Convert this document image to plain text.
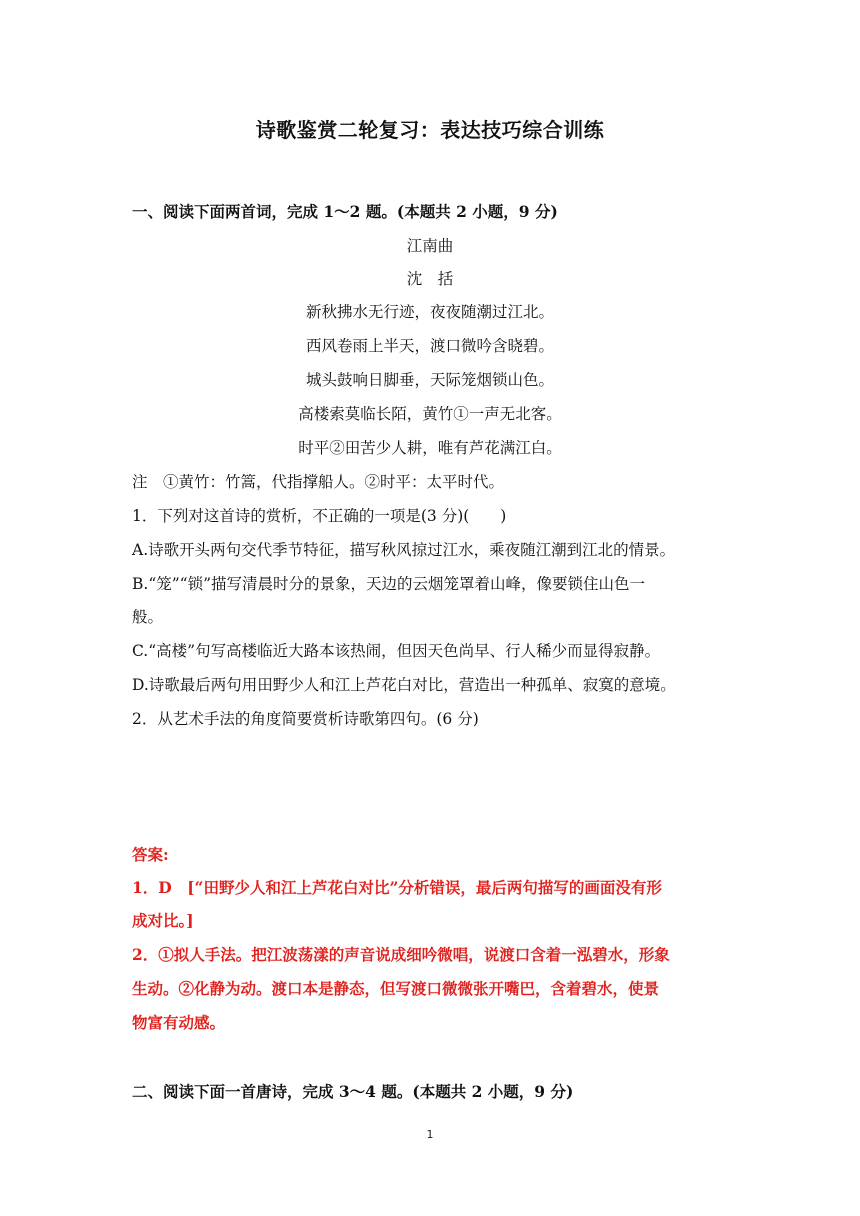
诗歌鉴赏二轮复习：表达技巧综合训练
一、阅读下面两首词，完成 1～2 题。(本题共 2 小题，9 分)
江南曲
沈　括
新秋拂水无行迹，夜夜随潮过江北。
西风卷雨上半天，渡口微吟含晓碧。
城头鼓响日脚垂，天际笼烟锁山色。
高楼索莫临长陌，黄竹①一声无北客。
时平②田苦少人耕，唯有芦花满江白。
注　①黄竹：竹篙，代指撑船人。②时平：太平时代。
1．下列对这首诗的赏析，不正确的一项是(3 分)(　　)
A.诗歌开头两句交代季节特征，描写秋风掠过江水，乘夜随江潮到江北的情景。
B.“笼”“锁”描写清晨时分的景象，天边的云烟笼罩着山峰，像要锁住山色一
般。
C.“高楼”句写高楼临近大路本该热闹，但因天色尚早、行人稀少而显得寂静。
D.诗歌最后两句用田野少人和江上芦花白对比，营造出一种孤单、寂寞的意境。
2．从艺术手法的角度简要赏析诗歌第四句。(6 分)
答案:
1．D　[“田野少人和江上芦花白对比”分析错误，最后两句描写的画面没有形
成对比。]
2．①拟人手法。把江波荡漾的声音说成细吟微唱，说渡口含着一泓碧水，形象
生动。②化静为动。渡口本是静态，但写渡口微微张开嘴巴，含着碧水，使景
物富有动感。
二、阅读下面一首唐诗，完成 3～4 题。(本题共 2 小题，9 分)
1
